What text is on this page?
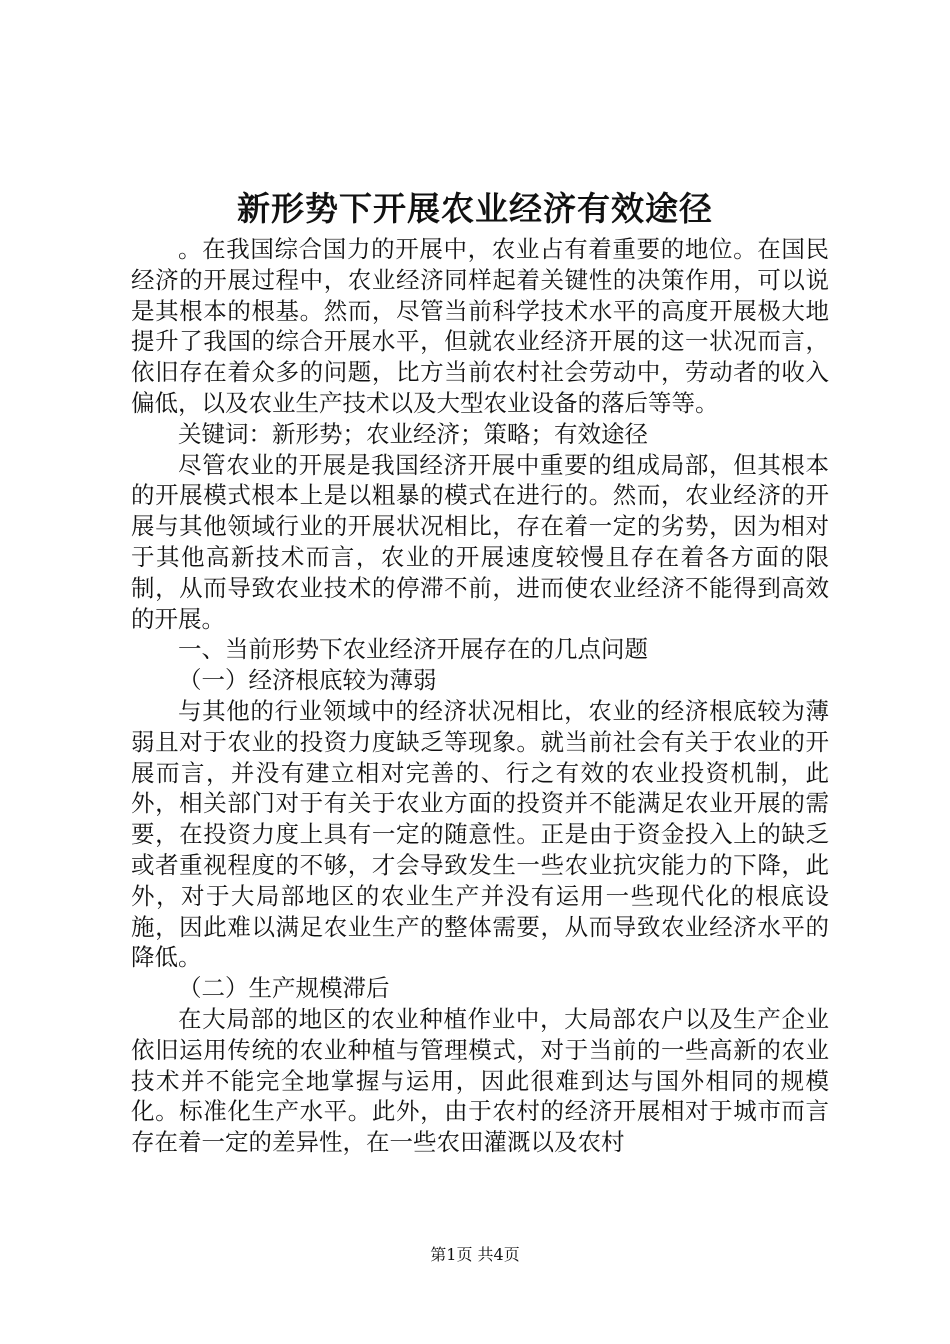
新形势下开展农业经济有效途径

。在我国综合国力的开展中，农业占有着重要的地位。在国民经济的开展过程中，农业经济同样起着关键性的决策作用，可以说是其根本的根基。然而，尽管当前科学技术水平的高度开展极大地提升了我国的综合开展水平，但就农业经济开展的这一状况而言，依旧存在着众多的问题，比方当前农村社会劳动中，劳动者的收入偏低，以及农业生产技术以及大型农业设备的落后等等。

关键词：新形势；农业经济；策略；有效途径

尽管农业的开展是我国经济开展中重要的组成局部，但其根本的开展模式根本上是以粗暴的模式在进行的。然而，农业经济的开展与其他领域行业的开展状况相比，存在着一定的劣势，因为相对于其他高新技术而言，农业的开展速度较慢且存在着各方面的限制，从而导致农业技术的停滞不前，进而使农业经济不能得到高效的开展。

一、当前形势下农业经济开展存在的几点问题

（一）经济根底较为薄弱

与其他的行业领域中的经济状况相比，农业的经济根底较为薄弱且对于农业的投资力度缺乏等现象。就当前社会有关于农业的开展而言，并没有建立相对完善的、行之有效的农业投资机制，此外，相关部门对于有关于农业方面的投资并不能满足农业开展的需要，在投资力度上具有一定的随意性。正是由于资金投入上的缺乏或者重视程度的不够，才会导致发生一些农业抗灾能力的下降，此外，对于大局部地区的农业生产并没有运用一些现代化的根底设施，因此难以满足农业生产的整体需要，从而导致农业经济水平的降低。

（二）生产规模滞后

在大局部的地区的农业种植作业中，大局部农户以及生产企业依旧运用传统的农业种植与管理模式，对于当前的一些高新的农业技术并不能完全地掌握与运用，因此很难到达与国外相同的规模化。标准化生产水平。此外，由于农村的经济开展相对于城市而言存在着一定的差异性，在一些农田灌溉以及农村

第1页 共4页
